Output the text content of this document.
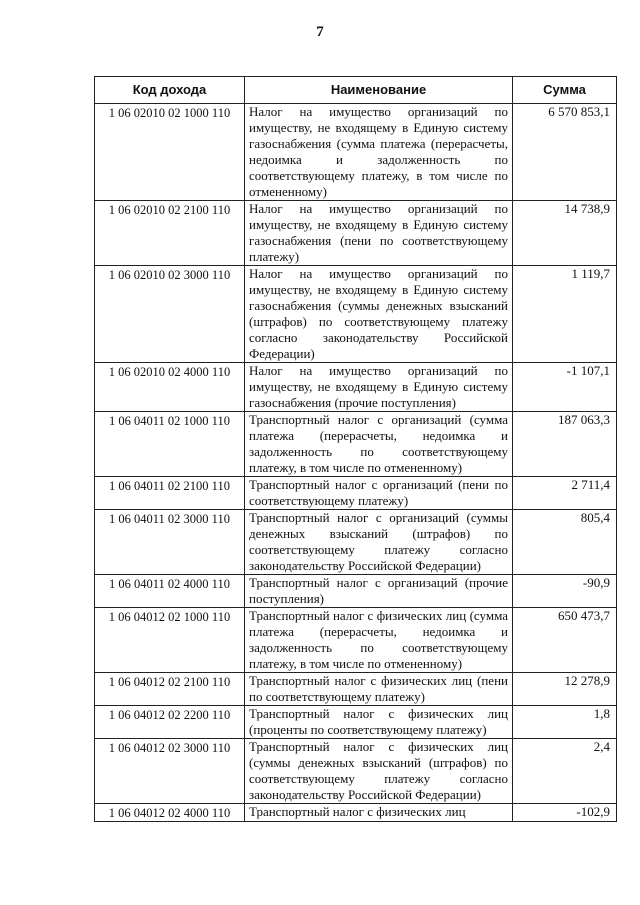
7
Код дохода	Наименование	Сумма
1 06 02010 02 1000 110	Налог на имущество организаций по имуществу, не входящему в Единую систему газоснабжения (сумма платежа (перерасчеты, недоимка и задолженность по соответствующему платежу, в том числе по отмененному)	6 570 853,1
1 06 02010 02 2100 110	Налог на имущество организаций по имуществу, не входящему в Единую систему газоснабжения (пени по соответствующему платежу)	14 738,9
1 06 02010 02 3000 110	Налог на имущество организаций по имуществу, не входящему в Единую систему газоснабжения (суммы денежных взысканий (штрафов) по соответствующему платежу согласно законодательству Российской Федерации)	1 119,7
1 06 02010 02 4000 110	Налог на имущество организаций по имуществу, не входящему в Единую систему газоснабжения (прочие поступления)	-1 107,1
1 06 04011 02 1000 110	Транспортный налог с организаций (сумма платежа (перерасчеты, недоимка и задолженность по соответствующему платежу, в том числе по отмененному)	187 063,3
1 06 04011 02 2100 110	Транспортный налог с организаций (пени по соответствующему платежу)	2 711,4
1 06 04011 02 3000 110	Транспортный налог с организаций (суммы денежных взысканий (штрафов) по соответствующему платежу согласно законодательству Российской Федерации)	805,4
1 06 04011 02 4000 110	Транспортный налог с организаций (прочие поступления)	-90,9
1 06 04012 02 1000 110	Транспортный налог с физических лиц (сумма платежа (перерасчеты, недоимка и задолженность по соответствующему платежу, в том числе по отмененному)	650 473,7
1 06 04012 02 2100 110	Транспортный налог с физических лиц (пени по соответствующему платежу)	12 278,9
1 06 04012 02 2200 110	Транспортный налог с физических лиц (проценты по соответствующему платежу)	1,8
1 06 04012 02 3000 110	Транспортный налог с физических лиц (суммы денежных взысканий (штрафов) по соответствующему платежу согласно законодательству Российской Федерации)	2,4
1 06 04012 02 4000 110	Транспортный налог с физических лиц	-102,9
